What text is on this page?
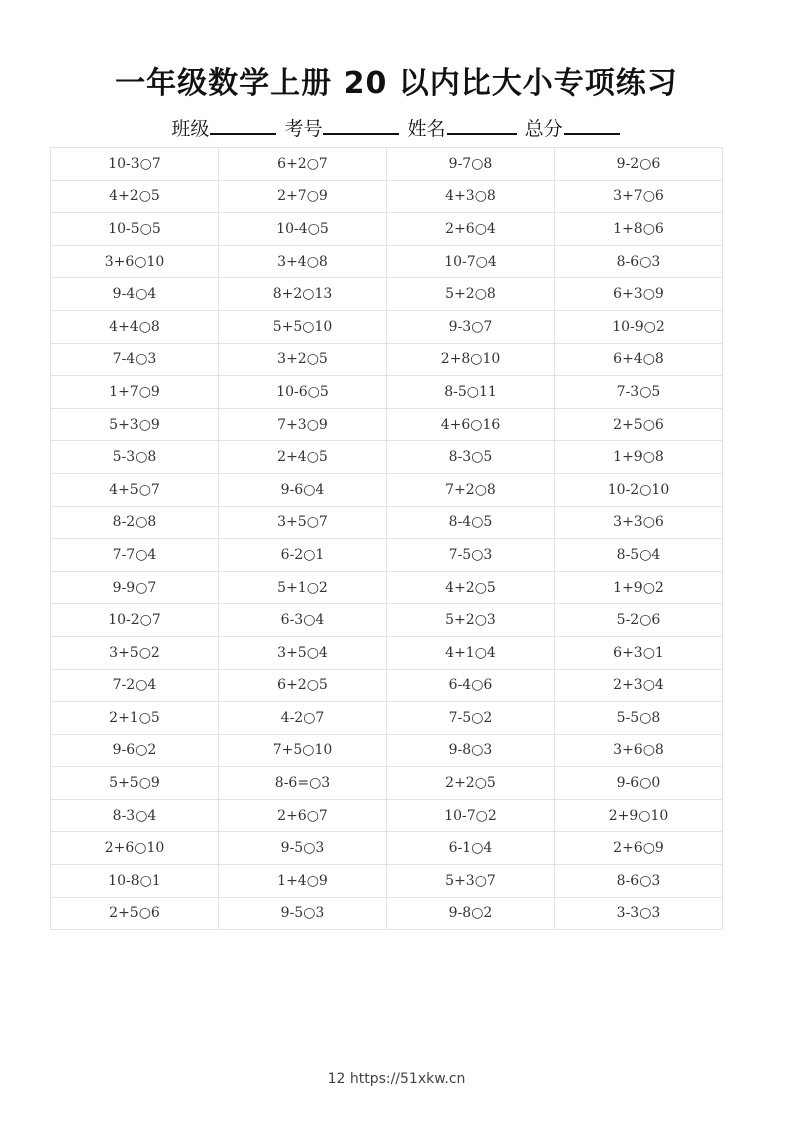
一年级数学上册 20 以内比大小专项练习
班级	考号	姓名	总分
10-3○7	6+2○7	9-7○8	9-2○6
4+2○5	2+7○9	4+3○8	3+7○6
10-5○5	10-4○5	2+6○4	1+8○6
3+6○10	3+4○8	10-7○4	8-6○3
9-4○4	8+2○13	5+2○8	6+3○9
4+4○8	5+5○10	9-3○7	10-9○2
7-4○3	3+2○5	2+8○10	6+4○8
1+7○9	10-6○5	8-5○11	7-3○5
5+3○9	7+3○9	4+6○16	2+5○6
5-3○8	2+4○5	8-3○5	1+9○8
4+5○7	9-6○4	7+2○8	10-2○10
8-2○8	3+5○7	8-4○5	3+3○6
7-7○4	6-2○1	7-5○3	8-5○4
9-9○7	5+1○2	4+2○5	1+9○2
10-2○7	6-3○4	5+2○3	5-2○6
3+5○2	3+5○4	4+1○4	6+3○1
7-2○4	6+2○5	6-4○6	2+3○4
2+1○5	4-2○7	7-5○2	5-5○8
9-6○2	7+5○10	9-8○3	3+6○8
5+5○9	8-6=○3	2+2○5	9-6○0
8-3○4	2+6○7	10-7○2	2+9○10
2+6○10	9-5○3	6-1○4	2+6○9
10-8○1	1+4○9	5+3○7	8-6○3
2+5○6	9-5○3	9-8○2	3-3○3
12 https://51xkw.cn
